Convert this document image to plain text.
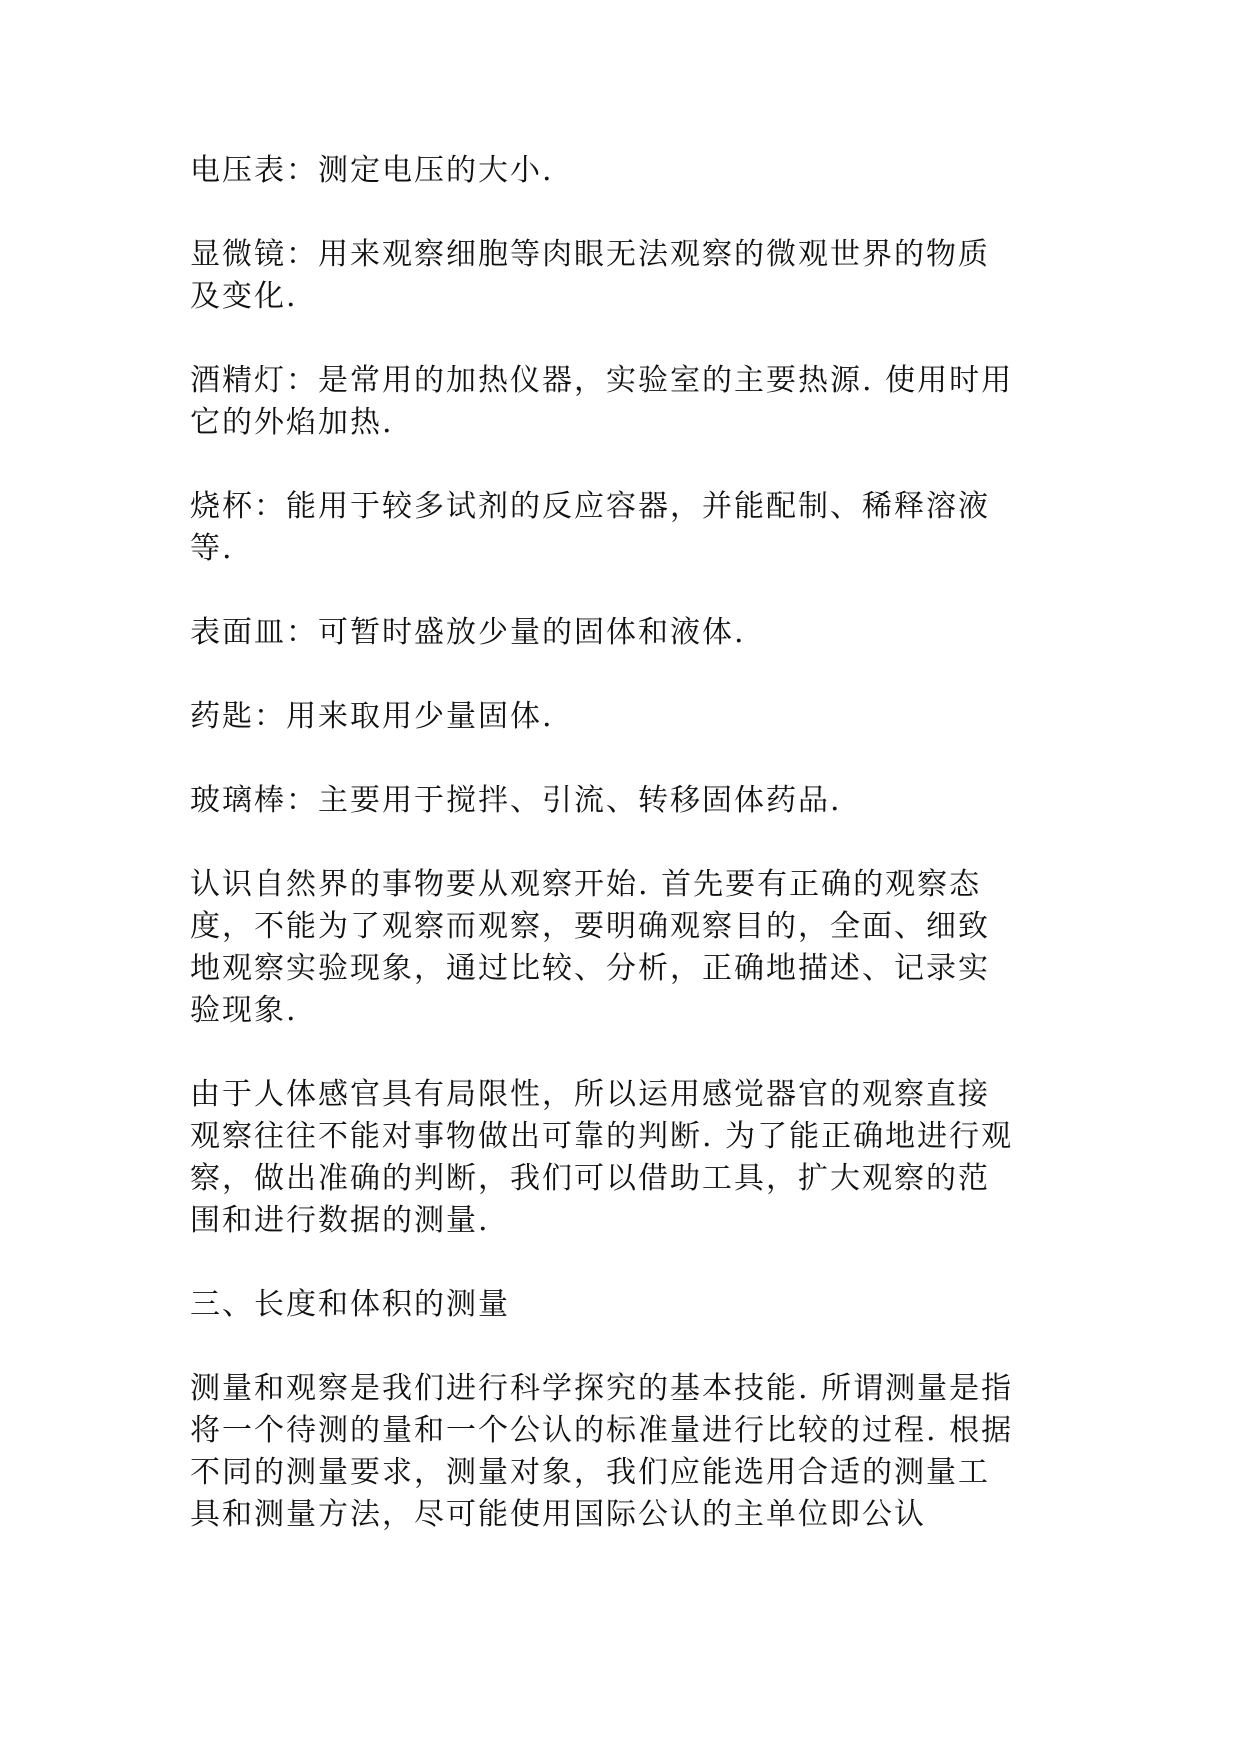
电压表：测定电压的大小.

显微镜：用来观察细胞等肉眼无法观察的微观世界的物质及变化.

酒精灯：是常用的加热仪器，实验室的主要热源. 使用时用它的外焰加热.

烧杯：能用于较多试剂的反应容器，并能配制、稀释溶液等.

表面皿：可暂时盛放少量的固体和液体.

药匙：用来取用少量固体.

玻璃棒：主要用于搅拌、引流、转移固体药品.

认识自然界的事物要从观察开始. 首先要有正确的观察态度，不能为了观察而观察，要明确观察目的，全面、细致地观察实验现象，通过比较、分析，正确地描述、记录实验现象.

由于人体感官具有局限性，所以运用感觉器官的观察直接观察往往不能对事物做出可靠的判断. 为了能正确地进行观察，做出准确的判断，我们可以借助工具，扩大观察的范围和进行数据的测量.

三、长度和体积的测量

测量和观察是我们进行科学探究的基本技能. 所谓测量是指将一个待测的量和一个公认的标准量进行比较的过程. 根据不同的测量要求，测量对象，我们应能选用合适的测量工具和测量方法，尽可能使用国际公认的主单位即公认
